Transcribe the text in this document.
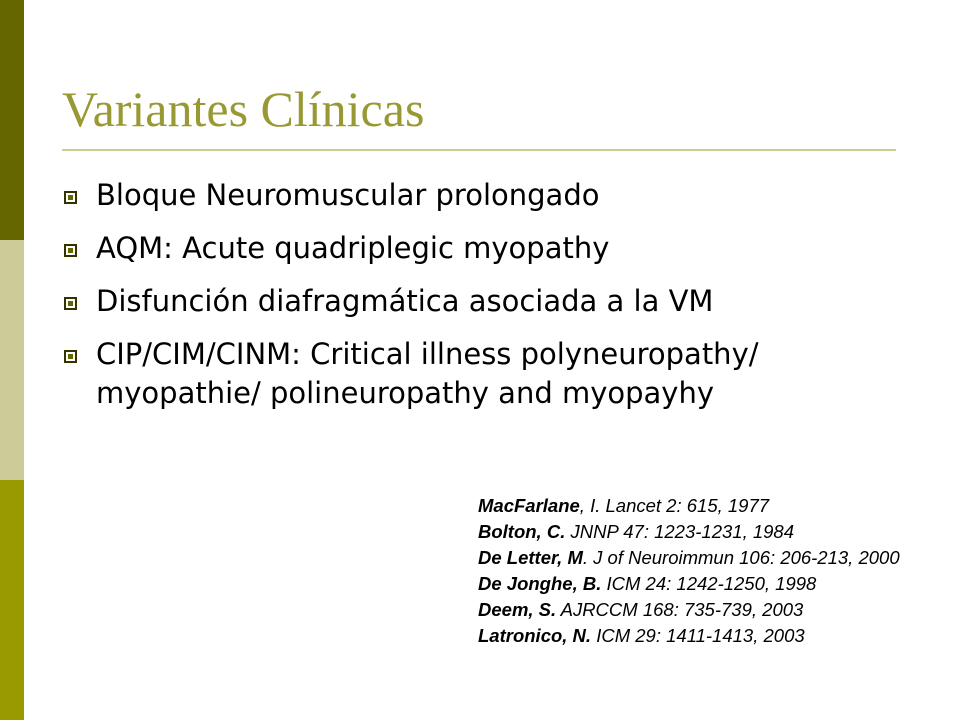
Variantes Clínicas
Bloque Neuromuscular prolongado
AQM: Acute quadriplegic myopathy
Disfunción diafragmática asociada a la VM
CIP/CIM/CINM: Critical illness polyneuropathy/ myopathie/ polineuropathy and myopayhy

MacFarlane, I. Lancet 2: 615, 1977

Bolton, C. JNNP 47: 1223-1231, 1984

De Letter, M. J of Neuroimmun 106: 206-213, 2000

De Jonghe, B. ICM 24: 1242-1250, 1998

Deem, S. AJRCCM 168: 735-739, 2003

Latronico, N. ICM 29: 1411-1413, 2003
